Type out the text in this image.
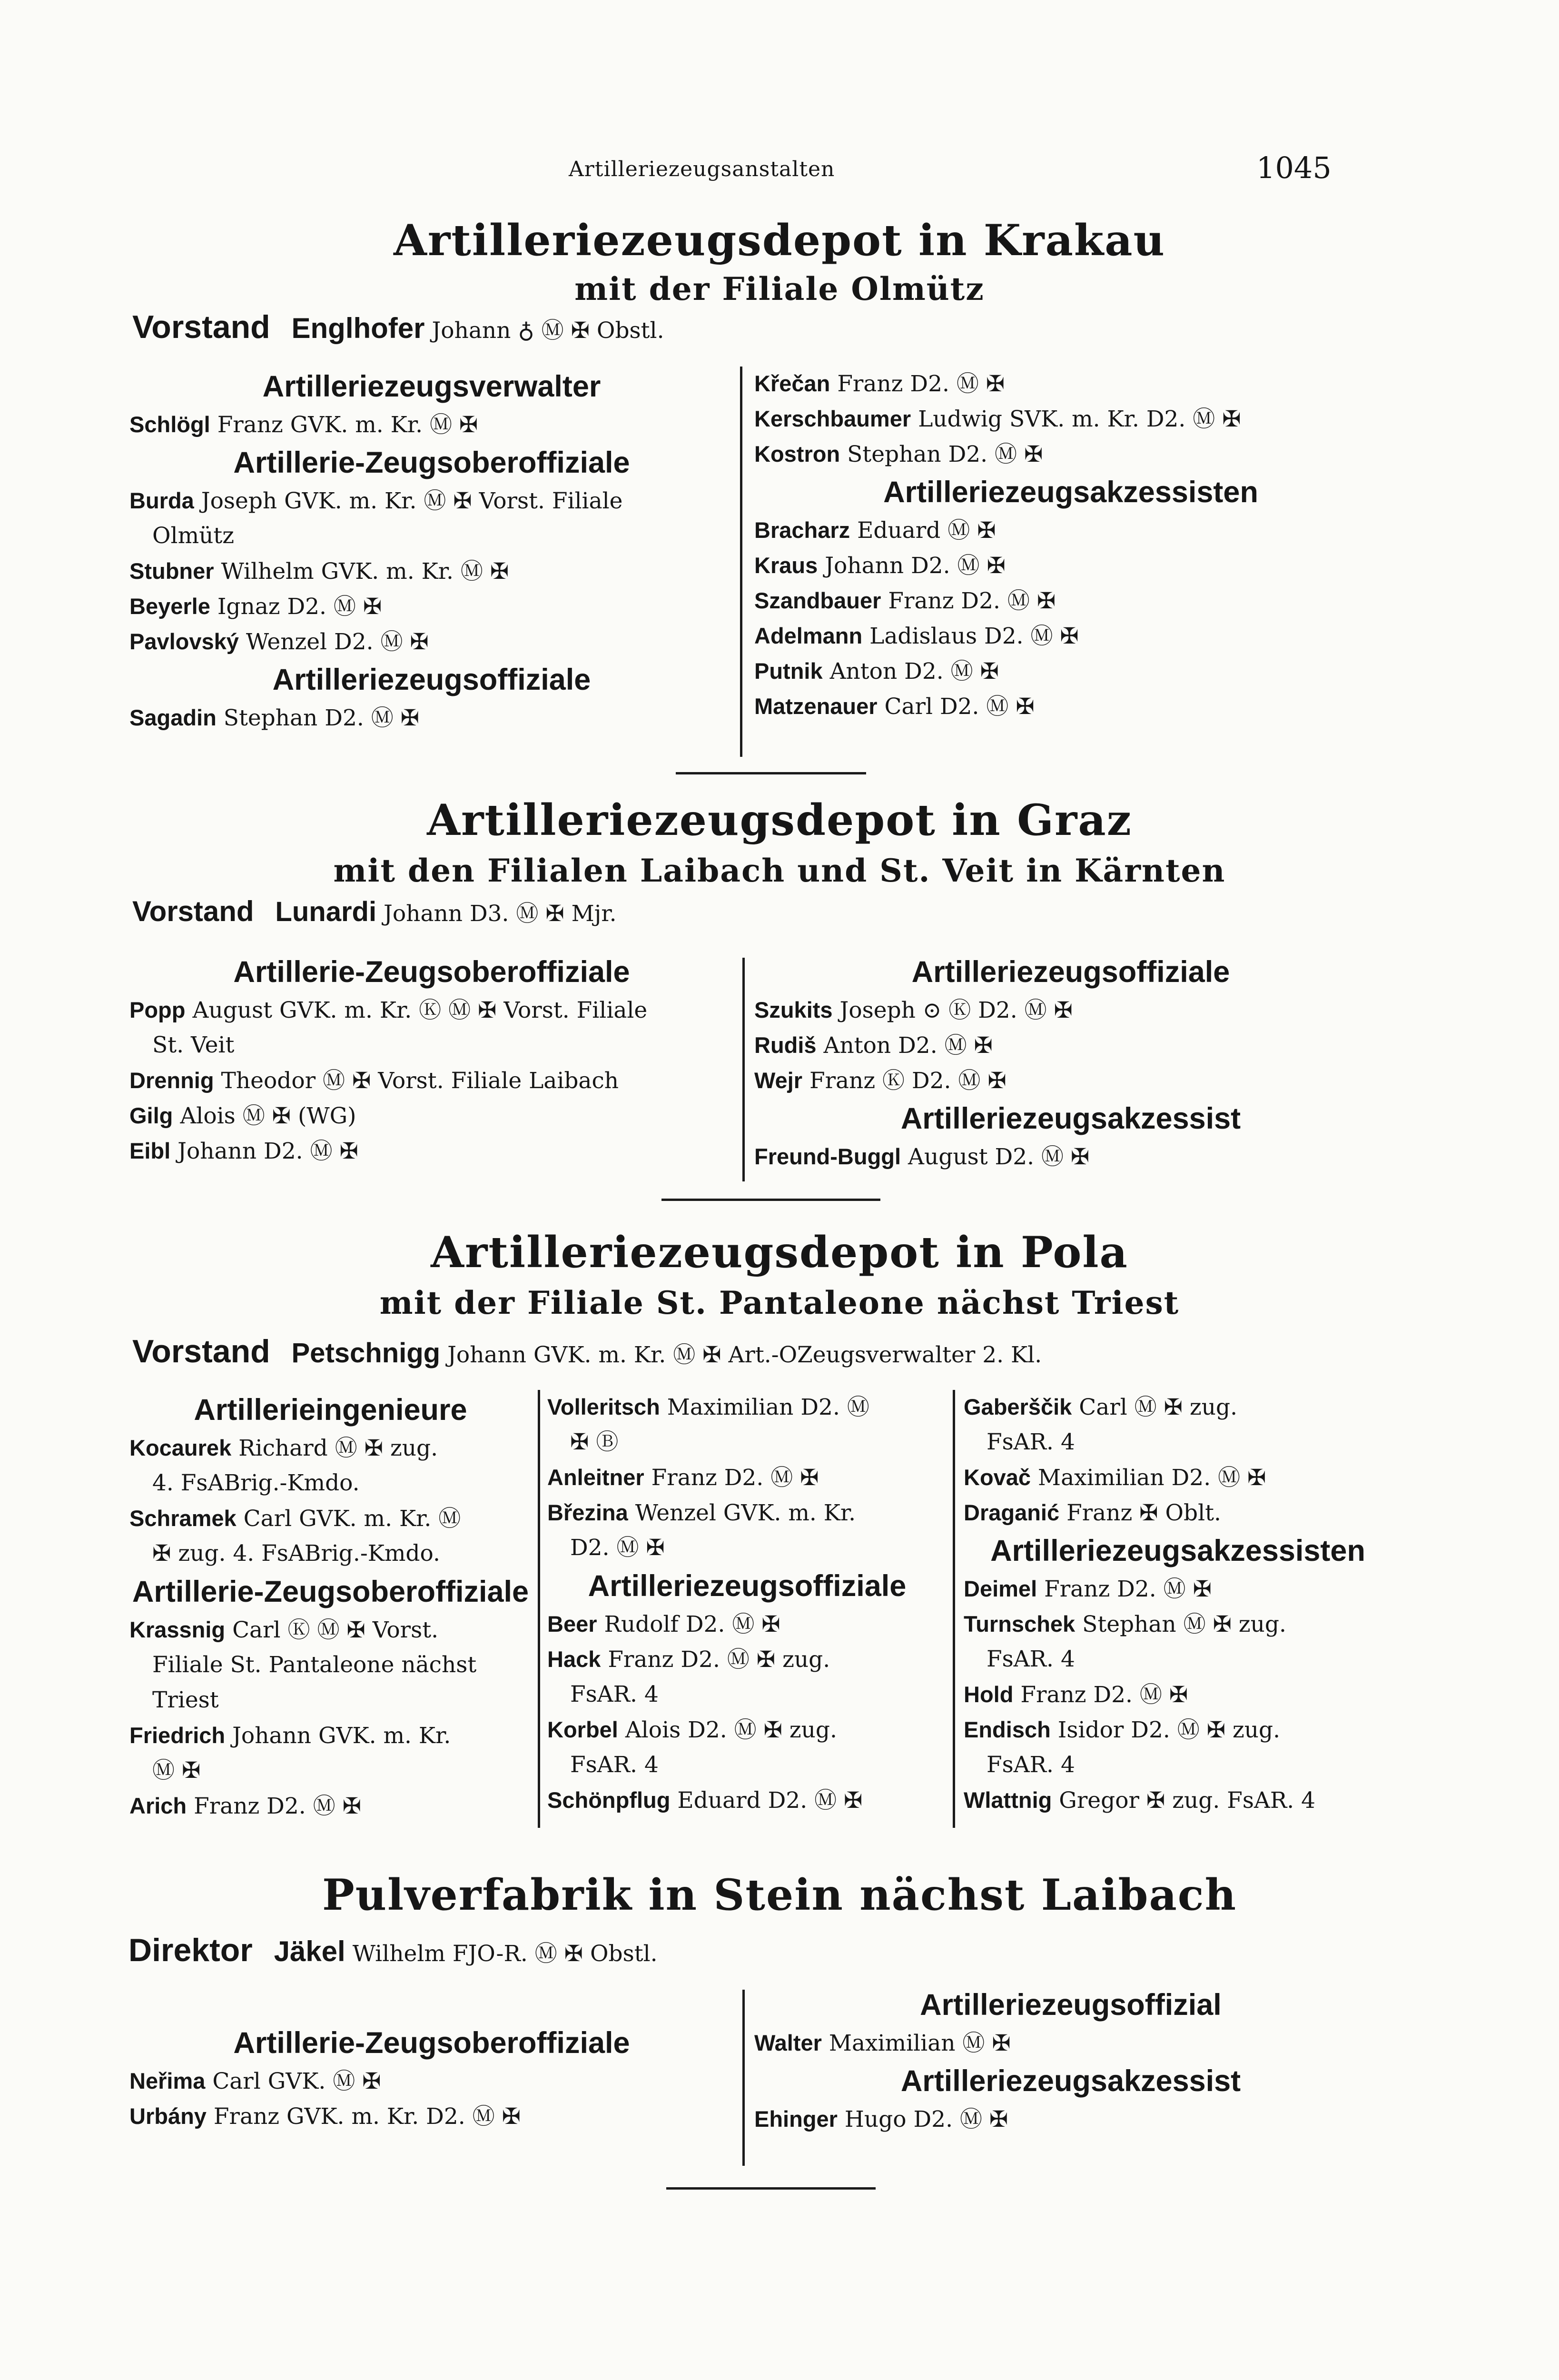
Artilleriezeugsanstalten	1045
Artilleriezeugsdepot in Krakau
mit der Filiale Olmütz
Vorstand Englhofer Johann ♁ Ⓜ ✠ Obstl.
Artilleriezeugsverwalter
Schlögl Franz GVK. m. Kr. Ⓜ ✠
Artillerie-Zeugsoberoffiziale
Burda Joseph GVK. m. Kr. Ⓜ ✠ Vorst. Filiale
Olmütz
Stubner Wilhelm GVK. m. Kr. Ⓜ ✠
Beyerle Ignaz D2. Ⓜ ✠
Pavlovský Wenzel D2. Ⓜ ✠
Artilleriezeugsoffiziale
Sagadin Stephan D2. Ⓜ ✠
Křečan Franz D2. Ⓜ ✠
Kerschbaumer Ludwig SVK. m. Kr. D2. Ⓜ ✠
Kostron Stephan D2. Ⓜ ✠
Artilleriezeugsakzessisten
Bracharz Eduard Ⓜ ✠
Kraus Johann D2. Ⓜ ✠
Szandbauer Franz D2. Ⓜ ✠
Adelmann Ladislaus D2. Ⓜ ✠
Putnik Anton D2. Ⓜ ✠
Matzenauer Carl D2. Ⓜ ✠
Artilleriezeugsdepot in Graz
mit den Filialen Laibach und St. Veit in Kärnten
Vorstand Lunardi Johann D3. Ⓜ ✠ Mjr.
Artillerie-Zeugsoberoffiziale
Popp August GVK. m. Kr. Ⓚ Ⓜ ✠ Vorst. Filiale
St. Veit
Drennig Theodor Ⓜ ✠ Vorst. Filiale Laibach
Gilg Alois Ⓜ ✠ (WG)
Eibl Johann D2. Ⓜ ✠
Artilleriezeugsoffiziale
Szukits Joseph ⊙ Ⓚ D2. Ⓜ ✠
Rudiš Anton D2. Ⓜ ✠
Wejr Franz Ⓚ D2. Ⓜ ✠
Artilleriezeugsakzessist
Freund-Buggl August D2. Ⓜ ✠
Artilleriezeugsdepot in Pola
mit der Filiale St. Pantaleone nächst Triest
Vorstand Petschnigg Johann GVK. m. Kr. Ⓜ ✠ Art.-OZeugsverwalter 2. Kl.
Artillerieingenieure
Kocaurek Richard Ⓜ ✠ zug.
4. FsABrig.-Kmdo.
Schramek Carl GVK. m. Kr. Ⓜ
✠ zug. 4. FsABrig.-Kmdo.
Artillerie-Zeugsoberoffiziale
Krassnig Carl Ⓚ Ⓜ ✠ Vorst.
Filiale St. Pantaleone nächst
Triest
Friedrich Johann GVK. m. Kr.
Ⓜ ✠
Arich Franz D2. Ⓜ ✠
Volleritsch Maximilian D2. Ⓜ
✠ Ⓑ
Anleitner Franz D2. Ⓜ ✠
Březina Wenzel GVK. m. Kr.
D2. Ⓜ ✠
Artilleriezeugsoffiziale
Beer Rudolf D2. Ⓜ ✠
Hack Franz D2. Ⓜ ✠ zug.
FsAR. 4
Korbel Alois D2. Ⓜ ✠ zug.
FsAR. 4
Schönpflug Eduard D2. Ⓜ ✠
Gaberščik Carl Ⓜ ✠ zug.
FsAR. 4
Kovač Maximilian D2. Ⓜ ✠
Draganić Franz ✠ Oblt.
Artilleriezeugsakzessisten
Deimel Franz D2. Ⓜ ✠
Turnschek Stephan Ⓜ ✠ zug.
FsAR. 4
Hold Franz D2. Ⓜ ✠
Endisch Isidor D2. Ⓜ ✠ zug.
FsAR. 4
Wlattnig Gregor ✠ zug. FsAR. 4
Pulverfabrik in Stein nächst Laibach
Direktor Jäkel Wilhelm FJO-R. Ⓜ ✠ Obstl.
Artillerie-Zeugsoberoffiziale
Neřima Carl GVK. Ⓜ ✠
Urbány Franz GVK. m. Kr. D2. Ⓜ ✠
Artilleriezeugsoffizial
Walter Maximilian Ⓜ ✠
Artilleriezeugsakzessist
Ehinger Hugo D2. Ⓜ ✠
